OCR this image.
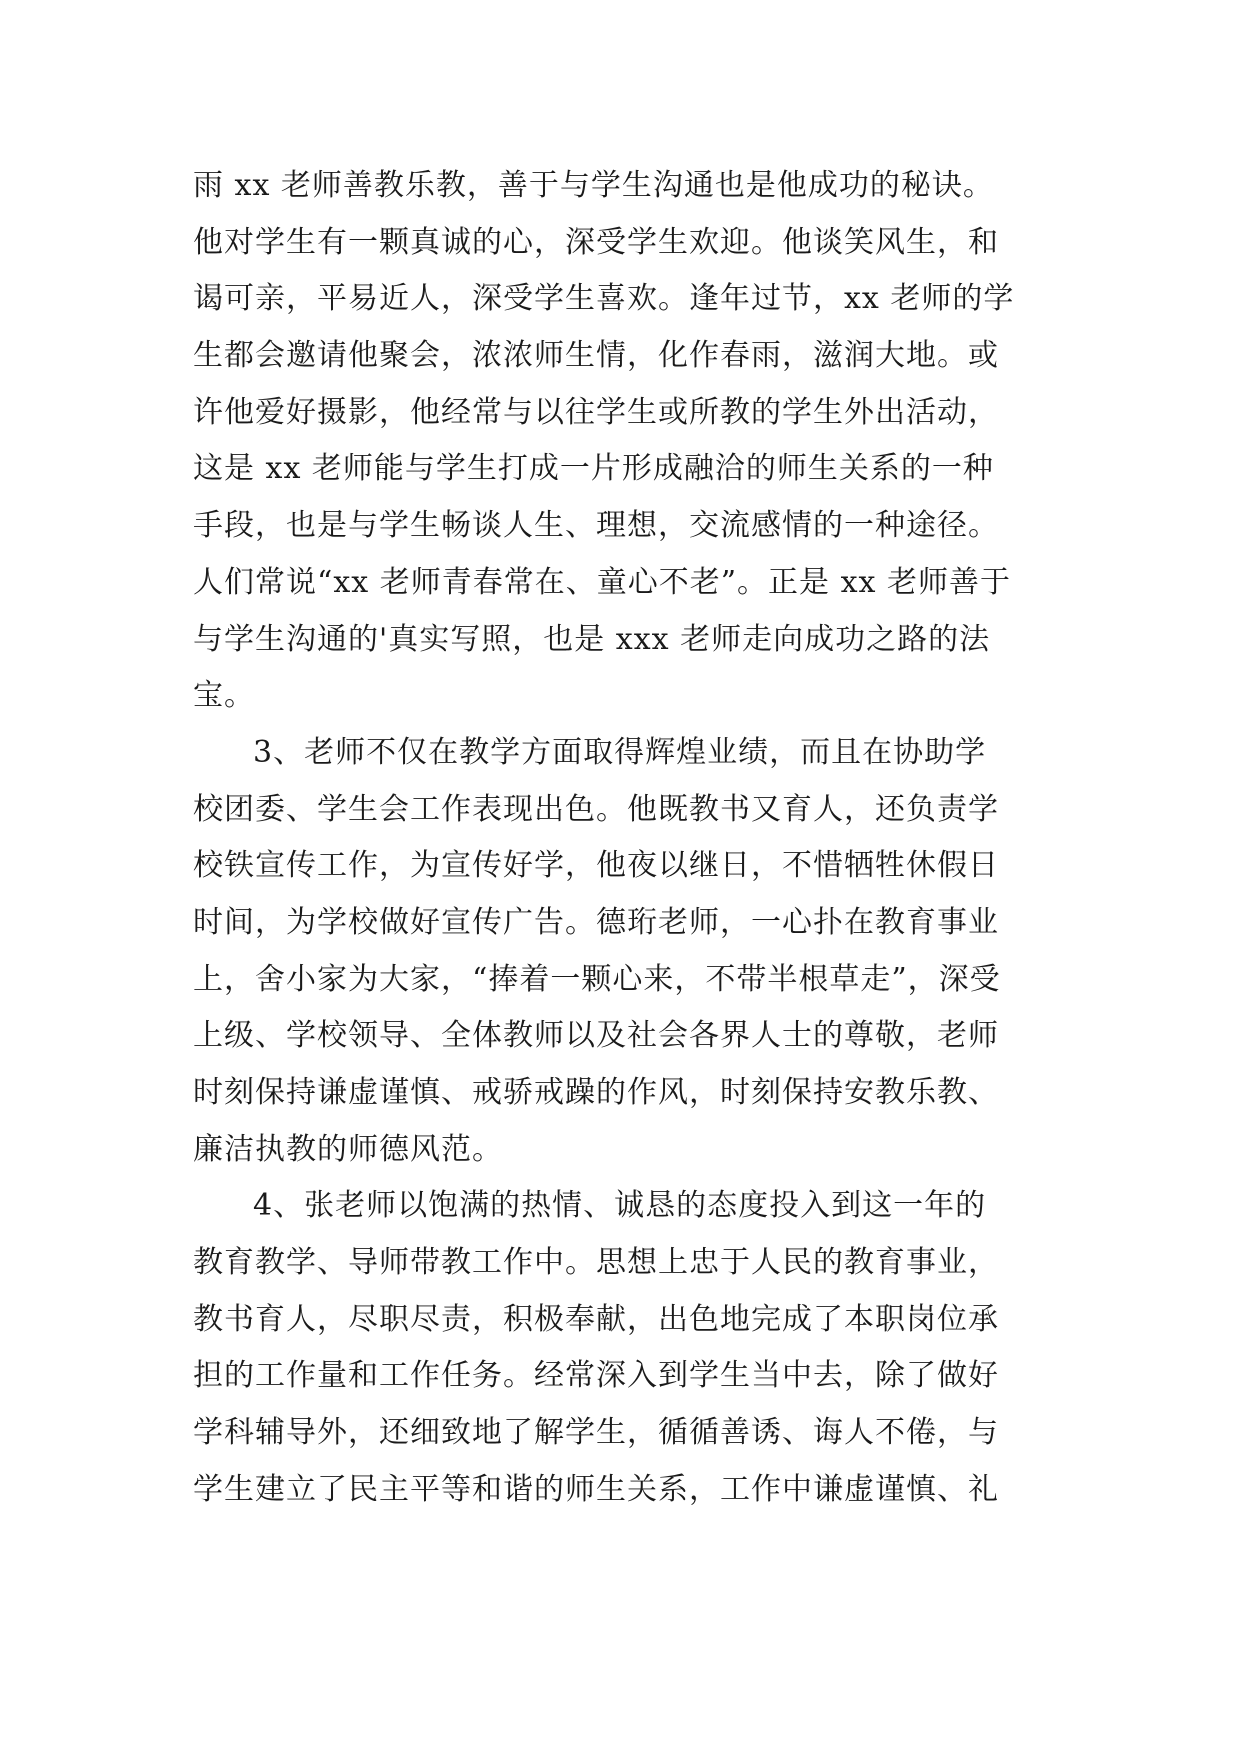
雨 xx 老师善教乐教，善于与学生沟通也是他成功的秘诀。
他对学生有一颗真诚的心，深受学生欢迎。他谈笑风生，和
谒可亲，平易近人，深受学生喜欢。逢年过节，xx 老师的学
生都会邀请他聚会，浓浓师生情，化作春雨，滋润大地。或
许他爱好摄影，他经常与以往学生或所教的学生外出活动，
这是 xx 老师能与学生打成一片形成融洽的师生关系的一种
手段，也是与学生畅谈人生、理想，交流感情的一种途径。
人们常说“xx 老师青春常在、童心不老”。正是 xx 老师善于
与学生沟通的'真实写照，也是 xxx 老师走向成功之路的法
宝。
3、老师不仅在教学方面取得辉煌业绩，而且在协助学
校团委、学生会工作表现出色。他既教书又育人，还负责学
校铁宣传工作，为宣传好学，他夜以继日，不惜牺牲休假日
时间，为学校做好宣传广告。德珩老师，一心扑在教育事业
上，舍小家为大家，“捧着一颗心来，不带半根草走”，深受
上级、学校领导、全体教师以及社会各界人士的尊敬，老师
时刻保持谦虚谨慎、戒骄戒躁的作风，时刻保持安教乐教、
廉洁执教的师德风范。
4、张老师以饱满的热情、诚恳的态度投入到这一年的
教育教学、导师带教工作中。思想上忠于人民的教育事业，
教书育人，尽职尽责，积极奉献，出色地完成了本职岗位承
担的工作量和工作任务。经常深入到学生当中去，除了做好
学科辅导外，还细致地了解学生，循循善诱、诲人不倦，与
学生建立了民主平等和谐的师生关系，工作中谦虚谨慎、礼
